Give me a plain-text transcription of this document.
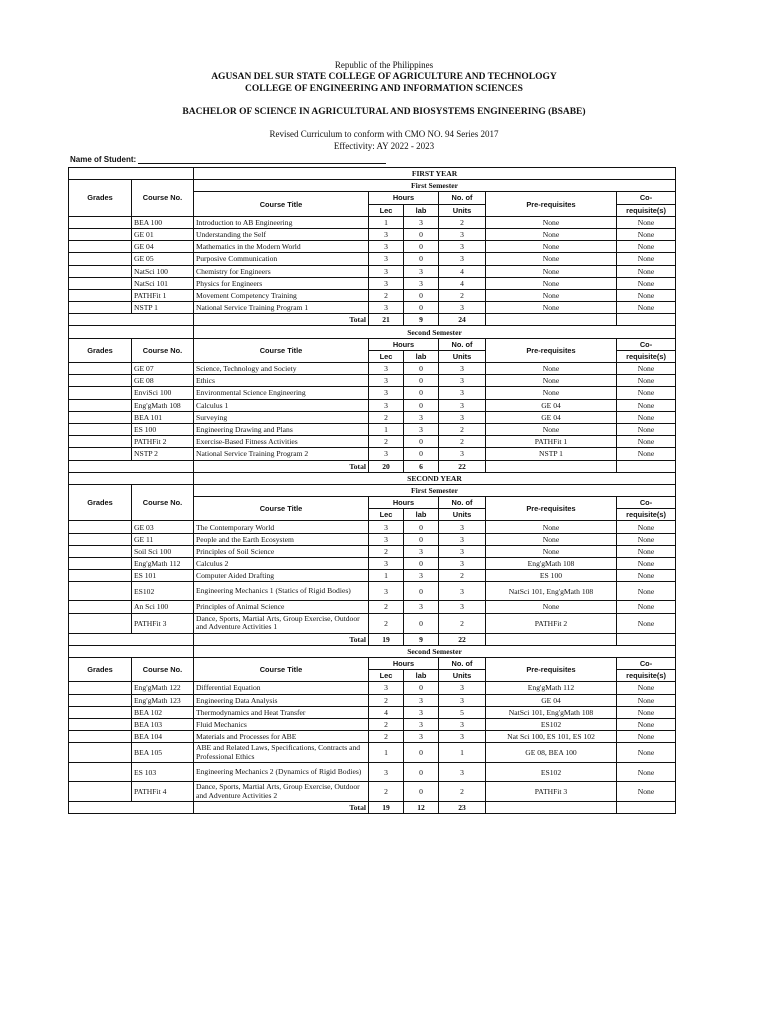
Republic of the Philippines
AGUSAN DEL SUR STATE COLLEGE OF AGRICULTURE AND TECHNOLOGY
COLLEGE OF ENGINEERING AND INFORMATION SCIENCES
BACHELOR OF SCIENCE IN AGRICULTURAL AND BIOSYSTEMS ENGINEERING (BSABE)
Revised Curriculum to conform with CMO NO. 94 Series 2017
Effectivity: AY 2022 - 2023
Name of Student:
		FIRST YEAR					
Grades	Course No.	First Semester					
		Course Title	Hours		No. of	Pre-requisites	Co-
			Lec	lab	Units		requisite(s)
	BEA 100	Introduction to AB Engineering	1	3	2	None	None
	GE 01	Understanding the Self	3	0	3	None	None
	GE 04	Mathematics in the Modern World	3	0	3	None	None
	GE 05	Purposive Communication	3	0	3	None	None
	NatSci 100	Chemistry for Engineers	3	3	4	None	None
	NatSci 101	Physics for Engineers	3	3	4	None	None
	PATHFit 1	Movement Competency Training	2	0	2	None	None
	NSTP 1	National Service Training Program 1	3	0	3	None	None
		Total	21	9	24		
		Second Semester					
Grades	Course No.	Course Title	Hours		No. of	Pre-requisites	Co-
			Lec	lab	Units		requisite(s)
	GE 07	Science, Technology and Society	3	0	3	None	None
	GE 08	Ethics	3	0	3	None	None
	EnviSci 100	Environmental Science Engineering	3	0	3	None	None
	Eng'gMath 108	Calculus 1	3	0	3	GE 04	None
	BEA 101	Surveying	2	3	3	GE 04	None
	ES 100	Engineering Drawing and Plans	1	3	2	None	None
	PATHFit 2	Exercise-Based Fitness Activities	2	0	2	PATHFit 1	None
	NSTP 2	National Service Training Program 2	3	0	3	NSTP 1	None
		Total	20	6	22		
		SECOND YEAR					
Grades	Course No.	First Semester					
		Course Title	Hours		No. of	Pre-requisites	Co-
			Lec	lab	Units		requisite(s)
	GE 03	The Contemporary World	3	0	3	None	None
	GE 11	People and the Earth Ecosystem	3	0	3	None	None
	Soil Sci 100	Principles of Soil Science	2	3	3	None	None
	Eng'gMath 112	Calculus 2	3	0	3	Eng'gMath 108	None
	ES 101	Computer Aided Drafting	1	3	2	ES 100	None
	ES102	Engineering Mechanics 1 (Statics of Rigid Bodies)	3	0	3	NatSci 101, Eng'gMath 108	None
	An Sci 100	Principles of Animal Science	2	3	3	None	None
	PATHFit 3	Dance, Sports, Martial Arts, Group Exercise, Outdoor and Adventure Activities 1	2	0	2	PATHFit 2	None
		Total	19	9	22		
		Second Semester					
Grades	Course No.	Course Title	Hours		No. of	Pre-requisites	Co-
			Lec	lab	Units		requisite(s)
	Eng'gMath 122	Differential Equation	3	0	3	Eng'gMath 112	None
	Eng'gMath 123	Engineering Data Analysis	2	3	3	GE 04	None
	BEA 102	Thermodynamics and Heat Transfer	4	3	5	NatSci 101, Eng'gMath 108	None
	BEA 103	Fluid Mechanics	2	3	3	ES102	None
	BEA 104	Materials and Processes for ABE	2	3	3	Nat Sci 100, ES 101, ES 102	None
	BEA 105	ABE and Related Laws, Specifications, Contracts and Professional Ethics	1	0	1	GE 08, BEA 100	None
	ES 103	Engineering Mechanics 2 (Dynamics of Rigid Bodies)	3	0	3	ES102	None
	PATHFit 4	Dance, Sports, Martial Arts, Group Exercise, Outdoor and Adventure Activities 2	2	0	2	PATHFit 3	None
		Total	19	12	23		
